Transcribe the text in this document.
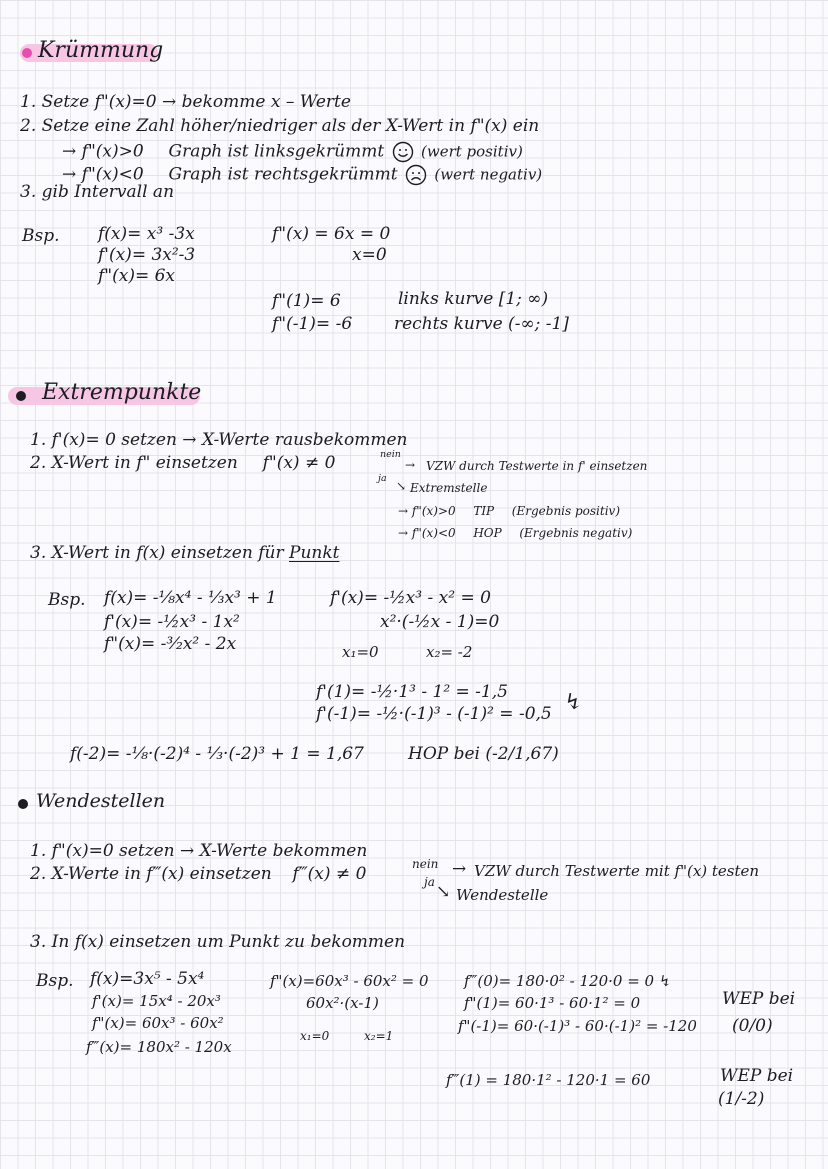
Krümmung
1. Setze f"(x)=0 → bekomme x – Werte
2. Setze eine Zahl höher/niedriger als der X-Wert in f"(x) ein
→ f"(x)>0 Graph ist linksgekrümmt (wert positiv)
→ f"(x)<0 Graph ist rechtsgekrümmt (wert negativ)
3. gib Intervall an
Bsp. f(x)= x³ -3x
f'(x)= 3x²-3
f"(x)= 6x
f"(x) = 6x = 0
x=0
f"(1)= 6	links kurve [1; ∞)
f"(-1)= -6 rechts kurve (-∞; -1]
Extrempunkte
1. f'(x)= 0 setzen → X-Werte rausbekommen
2. X-Wert in f" einsetzen f"(x) ≠ 0	nein
ja
→ VZW durch Testwerte in f' einsetzen
↘ Extremstelle
→ f"(x)>0 TIP (Ergebnis positiv)
→ f"(x)<0 HOP (Ergebnis negativ)
3. X-Wert in f(x) einsetzen für Punkt
Bsp. f(x)= -⅛x⁴ - ⅓x³ + 1
f'(x)= -½x³ - 1x²
f"(x)= -³⁄₂x² - 2x
f'(x)= -½x³ - x² = 0
x²·(-½x - 1)=0
x₁=0	x₂= -2
f'(1)= -½·1³ - 1² = -1,5
f'(-1)= -½·(-1)³ - (-1)² = -0,5 ↯
f(-2)= -⅛·(-2)⁴ - ⅓·(-2)³ + 1 = 1,67	HOP bei (-2/1,67)
Wendestellen
1. f"(x)=0 setzen → X-Werte bekommen
2. X-Werte in f‴(x) einsetzen f‴(x) ≠ 0	nein
ja
→ VZW durch Testwerte mit f"(x) testen
↘ Wendestelle
3. In f(x) einsetzen um Punkt zu bekommen
Bsp. f(x)=3x⁵ - 5x⁴
f'(x)= 15x⁴ - 20x³
f"(x)= 60x³ - 60x²
f‴(x)= 180x² - 120x
f"(x)=60x³ - 60x² = 0
60x²·(x-1)
x₁=0	x₂=1
f‴(0)= 180·0² - 120·0 = 0 ↯
f"(1)= 60·1³ - 60·1² = 0
f"(-1)= 60·(-1)³ - 60·(-1)² = -120
WEP bei
(0/0)
f‴(1) = 180·1² - 120·1 = 60	WEP bei
(1/-2)
